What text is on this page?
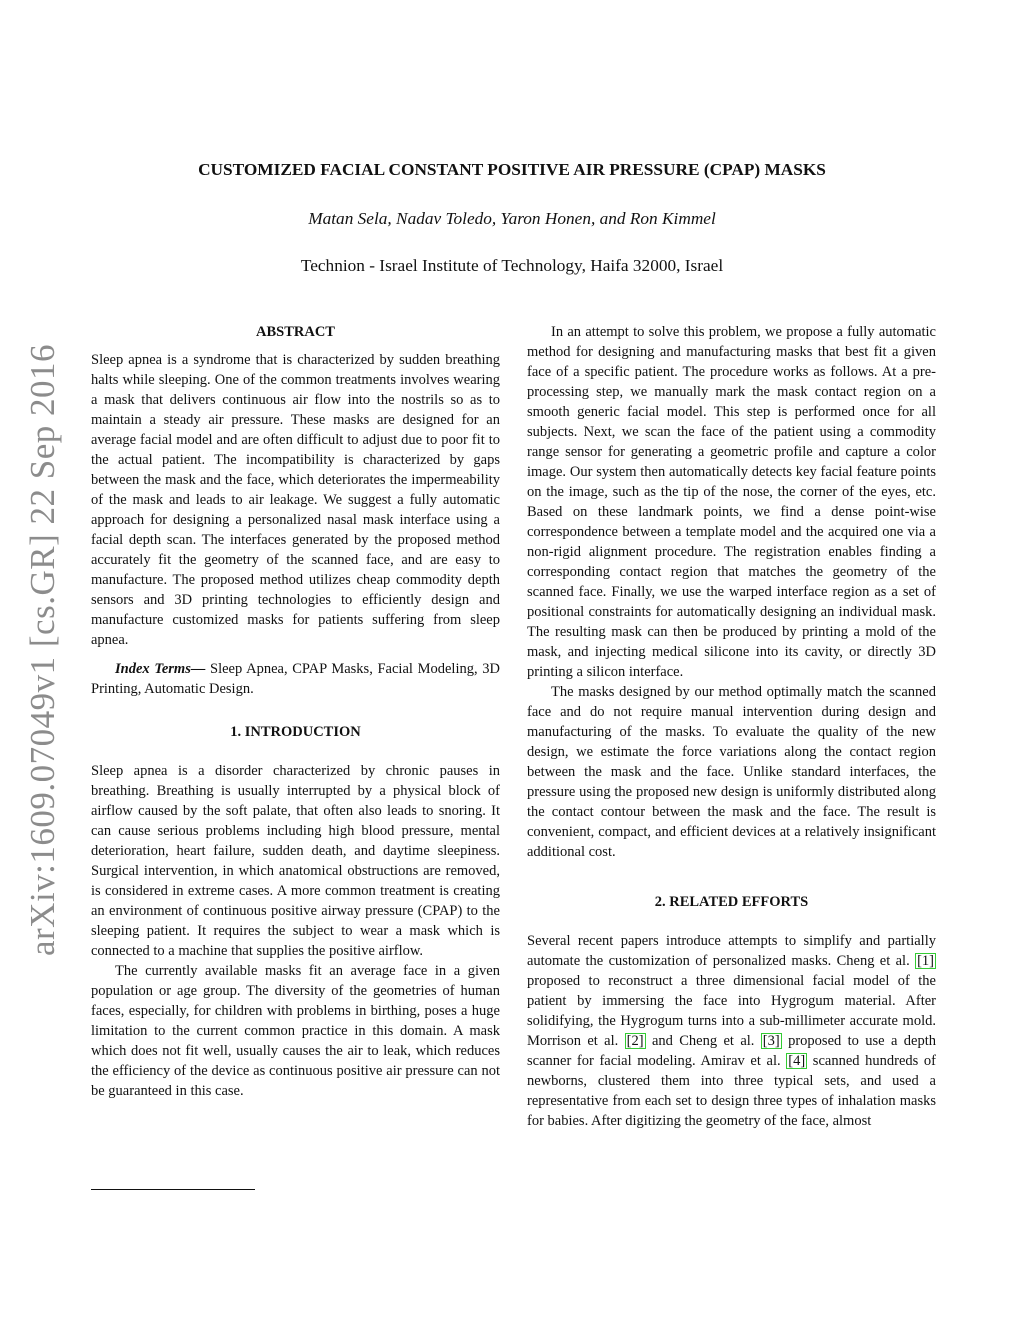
arXiv:1609.07049v1 [cs.GR] 22 Sep 2016
CUSTOMIZED FACIAL CONSTANT POSITIVE AIR PRESSURE (CPAP) MASKS
Matan Sela, Nadav Toledo, Yaron Honen, and Ron Kimmel
Technion - Israel Institute of Technology, Haifa 32000, Israel
ABSTRACT

Sleep apnea is a syndrome that is characterized by sudden breathing halts while sleeping. One of the common treatments involves wearing a mask that delivers continuous air flow into the nostrils so as to maintain a steady air pressure. These masks are designed for an average facial model and are often difficult to adjust due to poor fit to the actual patient. The incompatibility is characterized by gaps between the mask and the face, which deteriorates the impermeability of the mask and leads to air leakage. We suggest a fully automatic approach for designing a personalized nasal mask interface using a facial depth scan. The interfaces generated by the proposed method accurately fit the geometry of the scanned face, and are easy to manufacture. The proposed method utilizes cheap commodity depth sensors and 3D printing technologies to efficiently design and manufacture customized masks for patients suffering from sleep apnea.

Index Terms— Sleep Apnea, CPAP Masks, Facial Modeling, 3D Printing, Automatic Design.

1. INTRODUCTION

Sleep apnea is a disorder characterized by chronic pauses in breathing. Breathing is usually interrupted by a physical block of airflow caused by the soft palate, that often also leads to snoring. It can cause serious problems including high blood pressure, mental deterioration, heart failure, sudden death, and daytime sleepiness. Surgical intervention, in which anatomical obstructions are removed, is considered in extreme cases. A more common treatment is creating an environment of continuous positive airway pressure (CPAP) to the sleeping patient. It requires the subject to wear a mask which is connected to a machine that supplies the positive airflow.

The currently available masks fit an average face in a given population or age group. The diversity of the geometries of human faces, especially, for children with problems in birthing, poses a huge limitation to the current common practice in this domain. A mask which does not fit well, usually causes the air to leak, which reduces the efficiency of the device as continuous positive air pressure can not be guaranteed in this case.

In an attempt to solve this problem, we propose a fully automatic method for designing and manufacturing masks that best fit a given face of a specific patient. The procedure works as follows. At a pre-processing step, we manually mark the mask contact region on a smooth generic facial model. This step is performed once for all subjects. Next, we scan the face of the patient using a commodity range sensor for generating a geometric profile and capture a color image. Our system then automatically detects key facial feature points on the image, such as the tip of the nose, the corner of the eyes, etc. Based on these landmark points, we find a dense point-wise correspondence between a template model and the acquired one via a non-rigid alignment procedure. The registration enables finding a corresponding contact region that matches the geometry of the scanned face. Finally, we use the warped interface region as a set of positional constraints for automatically designing an individual mask. The resulting mask can then be produced by printing a mold of the mask, and injecting medical silicone into its cavity, or directly 3D printing a silicon interface.

The masks designed by our method optimally match the scanned face and do not require manual intervention during design and manufacturing of the masks. To evaluate the quality of the new design, we estimate the force variations along the contact region between the mask and the face. Unlike standard interfaces, the pressure using the proposed new design is uniformly distributed along the contact contour between the mask and the face. The result is convenient, compact, and efficient devices at a relatively insignificant additional cost.

2. RELATED EFFORTS

Several recent papers introduce attempts to simplify and partially automate the customization of personalized masks. Cheng et al. [1] proposed to reconstruct a three dimensional facial model of the patient by immersing the face into Hygrogum material. After solidifying, the Hygrogum turns into a sub-millimeter accurate mold. Morrison et al. [2] and Cheng et al. [3] proposed to use a depth scanner for facial modeling. Amirav et al. [4] scanned hundreds of newborns, clustered them into three typical sets, and used a representative from each set to design three types of inhalation masks for babies. After digitizing the geometry of the face, almost
